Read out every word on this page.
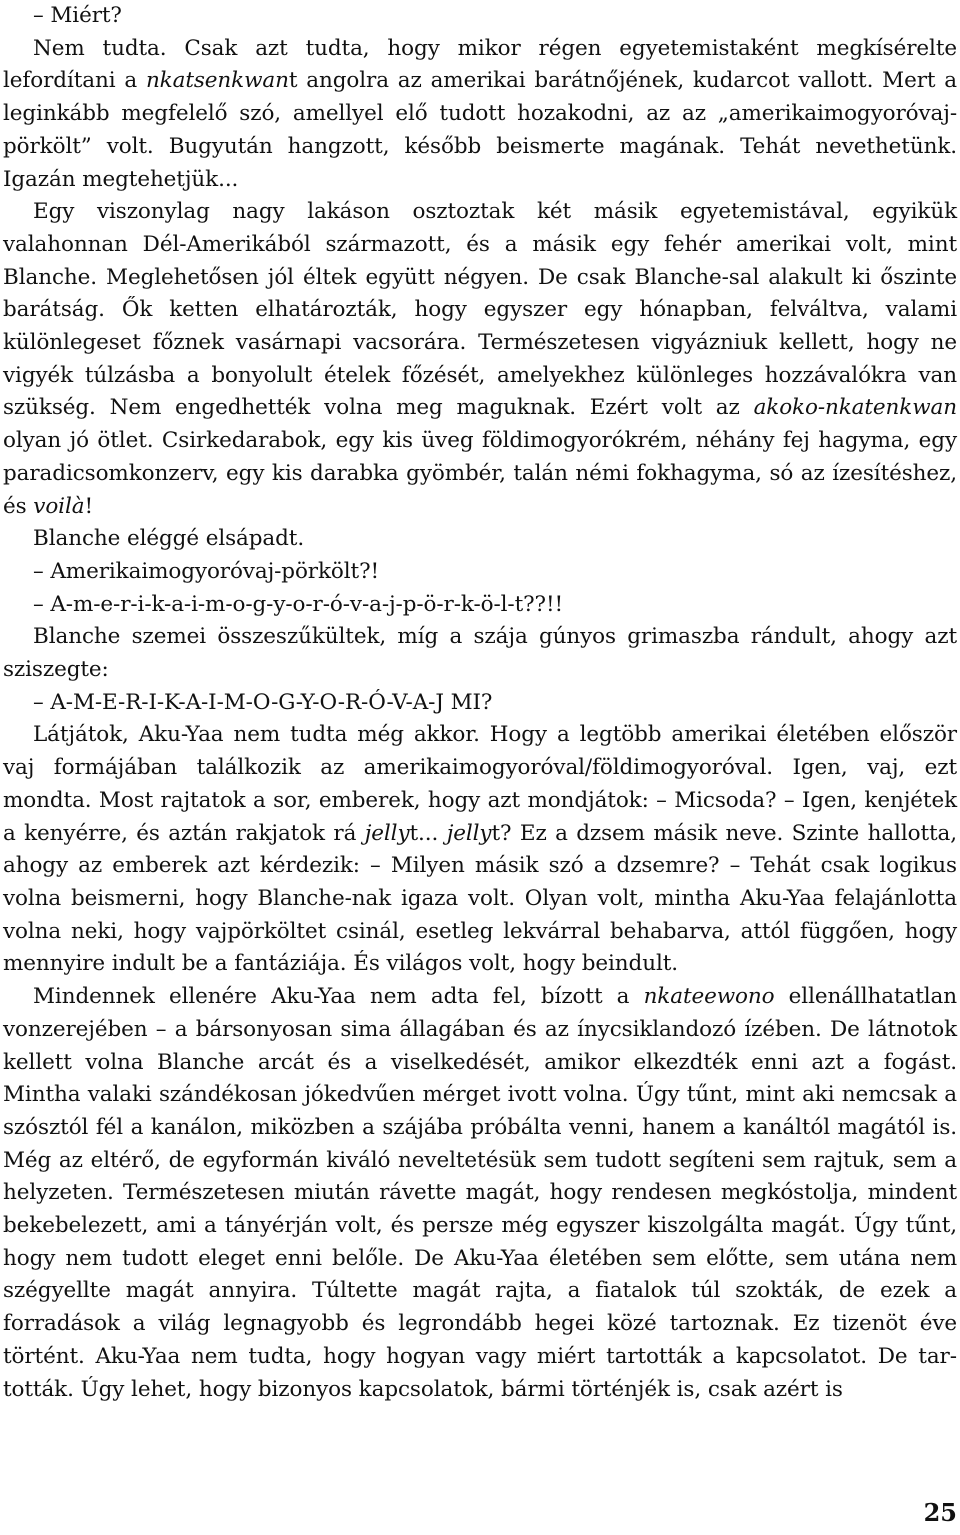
– Miért?

Nem tudta. Csak azt tudta, hogy mikor régen egyetemistaként megkísérelte lefordítani a nkatsenkwant angolra az amerikai barátnőjének, kudarcot vallott. Mert a leginkább megfelelő szó, amellyel elő tudott hozakodni, az az „amerikaimogyoróvaj-pörkölt” volt. Bugyután hangzott, később beismerte magának. Tehát nevethetünk. Igazán megtehetjük...

Egy viszonylag nagy lakáson osztoztak két másik egyetemistával, egyikük valahonnan Dél-Amerikából származott, és a másik egy fehér amerikai volt, mint Blanche. Meglehetősen jól éltek együtt négyen. De csak Blanche-sal alakult ki őszinte barátság. Ők ketten elhatározták, hogy egyszer egy hónapban, felváltva, valami különlegeset főznek vasárnapi vacsorára. Természetesen vigyázniuk kellett, hogy ne vigyék túlzásba a bonyolult ételek főzését, amelyekhez különleges hozzávalókra van szükség. Nem engedhették volna meg maguknak. Ezért volt az akoko-nkatenkwan olyan jó ötlet. Csirkedarabok, egy kis üveg földimogyorókrém, néhány fej hagyma, egy paradicsomkonzerv, egy kis darabka gyömbér, talán némi fokhagyma, só az ízesítéshez, és voilà!

Blanche eléggé elsápadt.

– Amerikaimogyoróvaj-pörkölt?!

– A-m-e-r-i-k-a-i-m-o-g-y-o-r-ó-v-a-j-p-ö-r-k-ö-l-t??!!

Blanche szemei összeszűkültek, míg a szája gúnyos grimaszba rándult, ahogy azt sziszegte:

– A-M-E-R-I-K-A-I-M-O-G-Y-O-R-Ó-V-A-J MI?

Látjátok, Aku-Yaa nem tudta még akkor. Hogy a legtöbb amerikai életében először vaj formájában találkozik az amerikaimogyoróval/földimogyoróval. Igen, vaj, ezt mondta. Most rajtatok a sor, emberek, hogy azt mondjátok: – Micsoda? – Igen, kenjétek a kenyérre, és aztán rakjatok rá jellyt... jellyt? Ez a dzsem másik neve. Szinte hallotta, ahogy az emberek azt kérdezik: – Milyen másik szó a dzsemre? – Tehát csak logikus volna beismerni, hogy Blanche-nak igaza volt. Olyan volt, mintha Aku-Yaa felajánlotta volna neki, hogy vajpörköltet csinál, esetleg lekvárral behabarva, attól függően, hogy mennyire indult be a fantáziája. És világos volt, hogy beindult.

Mindennek ellenére Aku-Yaa nem adta fel, bízott a nkateewono ellenállhatatlan vonzerejében – a bársonyosan sima állagában és az ínycsiklandozó ízében. De látnotok kellett volna Blanche arcát és a viselkedését, amikor elkezdték enni azt a fogást. Mintha valaki szándékosan jókedvűen mérget ivott volna. Úgy tűnt, mint aki nemcsak a szósztól fél a kanálon, miközben a szájába próbálta venni, hanem a kanáltól magától is. Még az eltérő, de egyformán kiváló neveltetésük sem tudott segíteni sem rajtuk, sem a helyzeten. Természetesen miután rávette magát, hogy rendesen megkóstolja, mindent bekebelezett, ami a tányérján volt, és persze még egyszer kiszolgálta magát. Úgy tűnt, hogy nem tudott eleget enni belőle. De Aku-Yaa életében sem előtte, sem utána nem szégyellte magát annyira. Túltette magát rajta, a fiatalok túl szokták, de ezek a forradások a világ legnagyobb és legrondább hegei közé tartoznak. Ez tizenöt éve történt. Aku-Yaa nem tudta, hogy hogyan vagy miért tartották a kapcsolatot. De tartották. Úgy lehet, hogy bizonyos kapcsolatok, bármi történjék is, csak azért is

25
